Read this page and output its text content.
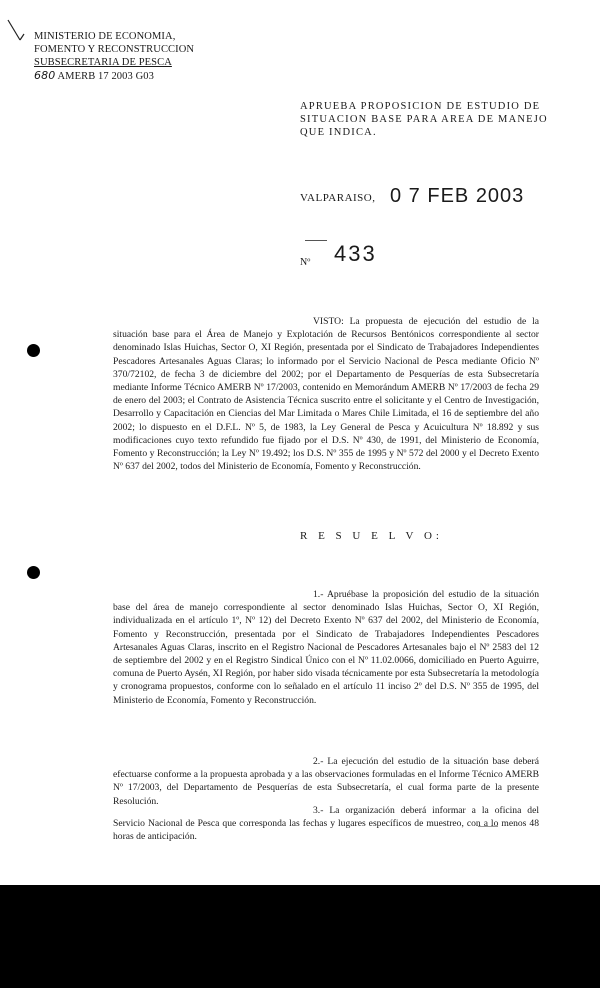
MINISTERIO DE ECONOMIA,
FOMENTO Y RECONSTRUCCION
SUBSECRETARIA DE PESCA
680 AMERB 17 2003 G03
APRUEBA PROPOSICION DE ESTUDIO DE SITUACION BASE PARA AREA DE MANEJO QUE INDICA.
VALPARAISO, 0 7 FEB 2003
Nº 433
VISTO: La propuesta de ejecución del estudio de la situación base para el Área de Manejo y Explotación de Recursos Bentónicos correspondiente al sector denominado Islas Huichas, Sector O, XI Región, presentada por el Sindicato de Trabajadores Independientes Pescadores Artesanales Aguas Claras; lo informado por el Servicio Nacional de Pesca mediante Oficio Nº 370/72102, de fecha 3 de diciembre del 2002; por el Departamento de Pesquerías de esta Subsecretaría mediante Informe Técnico AMERB Nº 17/2003, contenido en Memorándum AMERB Nº 17/2003 de fecha 29 de enero del 2003; el Contrato de Asistencia Técnica suscrito entre el solicitante y el Centro de Investigación, Desarrollo y Capacitación en Ciencias del Mar Limitada o Mares Chile Limitada, el 16 de septiembre del año 2002; lo dispuesto en el D.F.L. Nº 5, de 1983, la Ley General de Pesca y Acuicultura Nº 18.892 y sus modificaciones cuyo texto refundido fue fijado por el D.S. Nº 430, de 1991, del Ministerio de Economía, Fomento y Reconstrucción; la Ley Nº 19.492; los D.S. Nº 355 de 1995 y Nº 572 del 2000 y el Decreto Exento Nº 637 del 2002, todos del Ministerio de Economía, Fomento y Reconstrucción.
R E S U E L V O:
1.- Apruébase la proposición del estudio de la situación base del área de manejo correspondiente al sector denominado Islas Huichas, Sector O, XI Región, individualizada en el artículo 1º, Nº 12) del Decreto Exento Nº 637 del 2002, del Ministerio de Economía, Fomento y Reconstrucción, presentada por el Sindicato de Trabajadores Independientes Pescadores Artesanales Aguas Claras, inscrito en el Registro Nacional de Pescadores Artesanales bajo el Nº 2583 del 12 de septiembre del 2002 y en el Registro Sindical Único con el Nº 11.02.0066, domiciliado en Puerto Aguirre, comuna de Puerto Aysén, XI Región, por haber sido visada técnicamente por esta Subsecretaría la metodología y cronograma propuestos, conforme con lo señalado en el artículo 11 inciso 2º del D.S. Nº 355 de 1995, del Ministerio de Economía, Fomento y Reconstrucción.
2.- La ejecución del estudio de la situación base deberá efectuarse conforme a la propuesta aprobada y a las observaciones formuladas en el Informe Técnico AMERB Nº 17/2003, del Departamento de Pesquerías de esta Subsecretaría, el cual forma parte de la presente Resolución.
3.- La organización deberá informar a la oficina del Servicio Nacional de Pesca que corresponda las fechas y lugares específicos de muestreo, con a lo menos 48 horas de anticipación.
